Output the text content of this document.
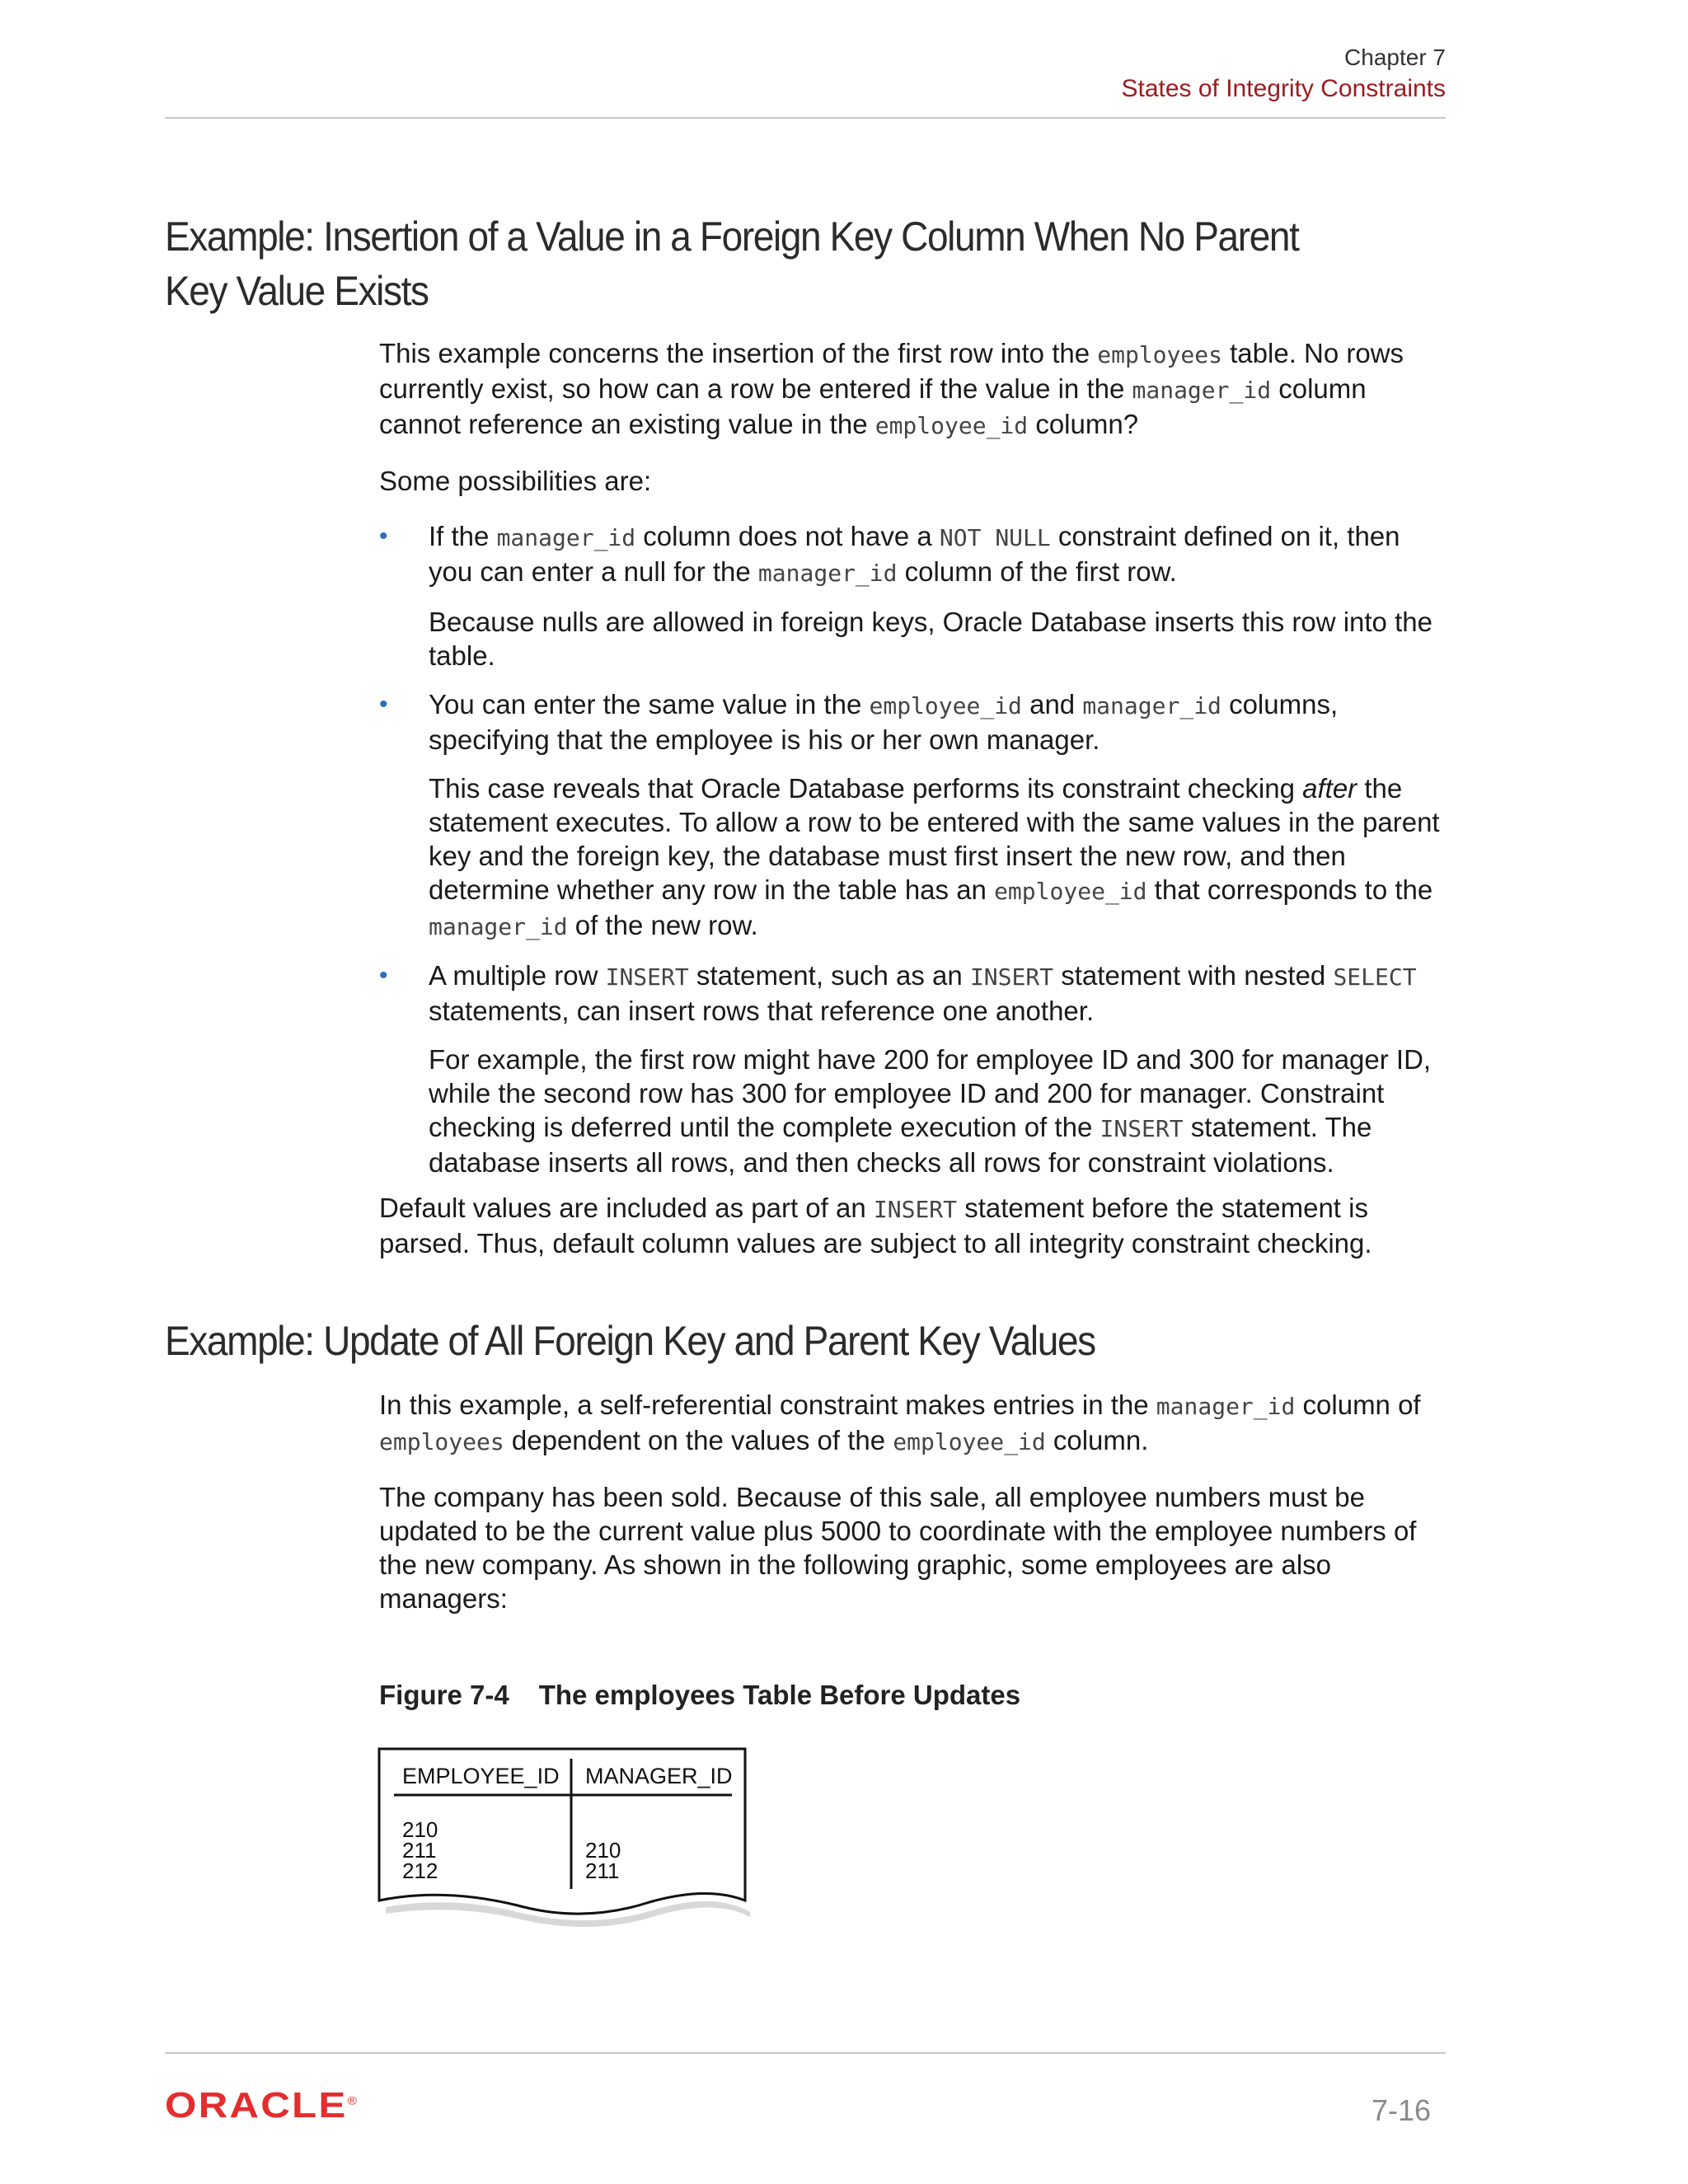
Chapter 7
States of Integrity Constraints
Example: Insertion of a Value in a Foreign Key Column When No Parent Key Value Exists

This example concerns the insertion of the first row into the employees table. No rows currently exist, so how can a row be entered if the value in the manager_id column cannot reference an existing value in the employee_id column?

Some possibilities are:

• If the manager_id column does not have a NOT NULL constraint defined on it, then you can enter a null for the manager_id column of the first row.

Because nulls are allowed in foreign keys, Oracle Database inserts this row into the table.

• You can enter the same value in the employee_id and manager_id columns, specifying that the employee is his or her own manager.

This case reveals that Oracle Database performs its constraint checking after the statement executes. To allow a row to be entered with the same values in the parent key and the foreign key, the database must first insert the new row, and then determine whether any row in the table has an employee_id that corresponds to the manager_id of the new row.

• A multiple row INSERT statement, such as an INSERT statement with nested SELECT statements, can insert rows that reference one another.

For example, the first row might have 200 for employee ID and 300 for manager ID, while the second row has 300 for employee ID and 200 for manager. Constraint checking is deferred until the complete execution of the INSERT statement. The database inserts all rows, and then checks all rows for constraint violations.

Default values are included as part of an INSERT statement before the statement is parsed. Thus, default column values are subject to all integrity constraint checking.

Example: Update of All Foreign Key and Parent Key Values

In this example, a self-referential constraint makes entries in the manager_id column of employees dependent on the values of the employee_id column.

The company has been sold. Because of this sale, all employee numbers must be updated to be the current value plus 5000 to coordinate with the employee numbers of the new company. As shown in the following graphic, some employees are also managers:

Figure 7-4 The employees Table Before Updates
EMPLOYEE_ID MANAGER_ID
210
211	210
212	211
ORACLE®	7-16
